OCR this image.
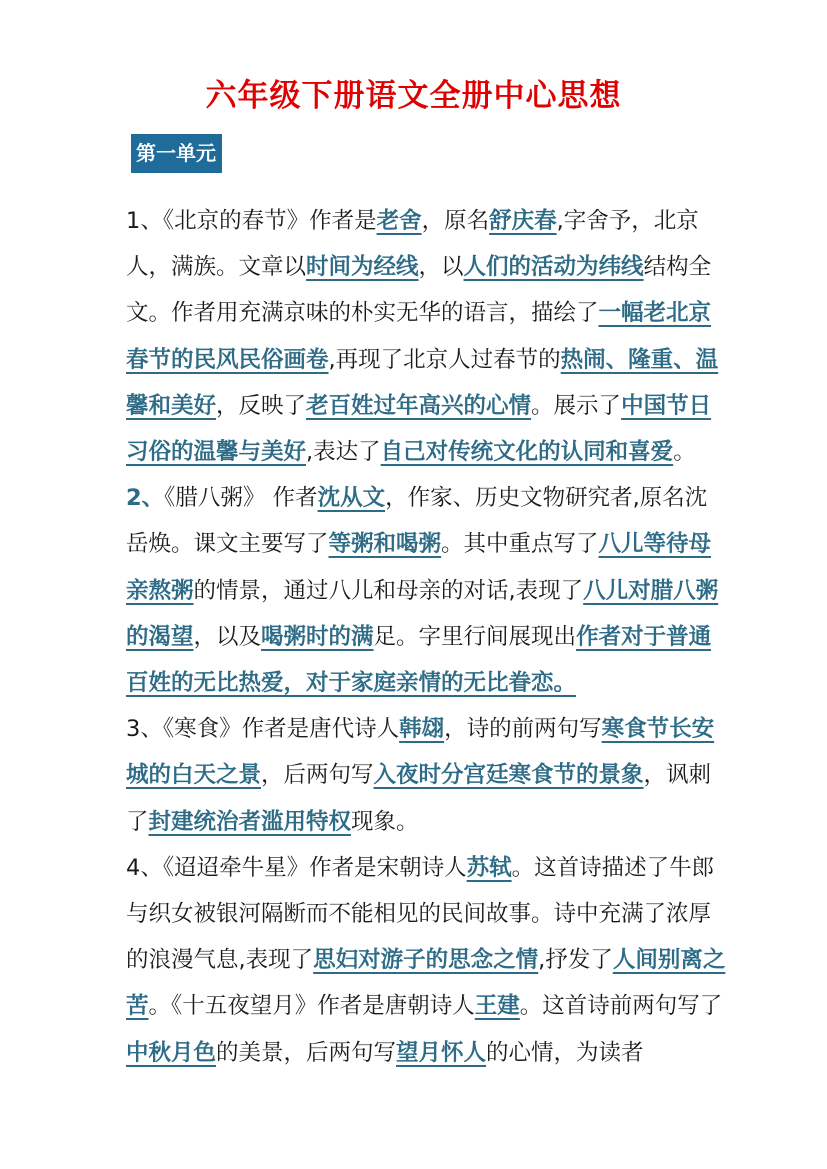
六年级下册语文全册中心思想
第一单元

1、《北京的春节》作者是老舍，原名舒庆春,字舍予，北京人，满族。文章以时间为经线，以人们的活动为纬线结构全文。作者用充满京味的朴实无华的语言，描绘了一幅老北京春节的民风民俗画卷,再现了北京人过春节的热闹、隆重、温馨和美好，反映了老百姓过年高兴的心情。展示了中国节日习俗的温馨与美好,表达了自己对传统文化的认同和喜爱。

2、《腊八粥》 作者沈从文，作家、历史文物研究者,原名沈岳焕。课文主要写了等粥和喝粥。其中重点写了八儿等待母亲熬粥的情景，通过八儿和母亲的对话,表现了八儿对腊八粥的渴望，以及喝粥时的满足。字里行间展现出作者对于普通百姓的无比热爱，对于家庭亲情的无比眷恋。

3、《寒食》作者是唐代诗人韩翃，诗的前两句写寒食节长安城的白天之景，后两句写入夜时分宫廷寒食节的景象，讽刺了封建统治者滥用特权现象。

4、《迢迢牵牛星》作者是宋朝诗人苏轼。这首诗描述了牛郎与织女被银河隔断而不能相见的民间故事。诗中充满了浓厚的浪漫气息,表现了思妇对游子的思念之情,抒发了人间别离之苦。《十五夜望月》作者是唐朝诗人王建。这首诗前两句写了中秋月色的美景，后两句写望月怀人的心情，为读者
